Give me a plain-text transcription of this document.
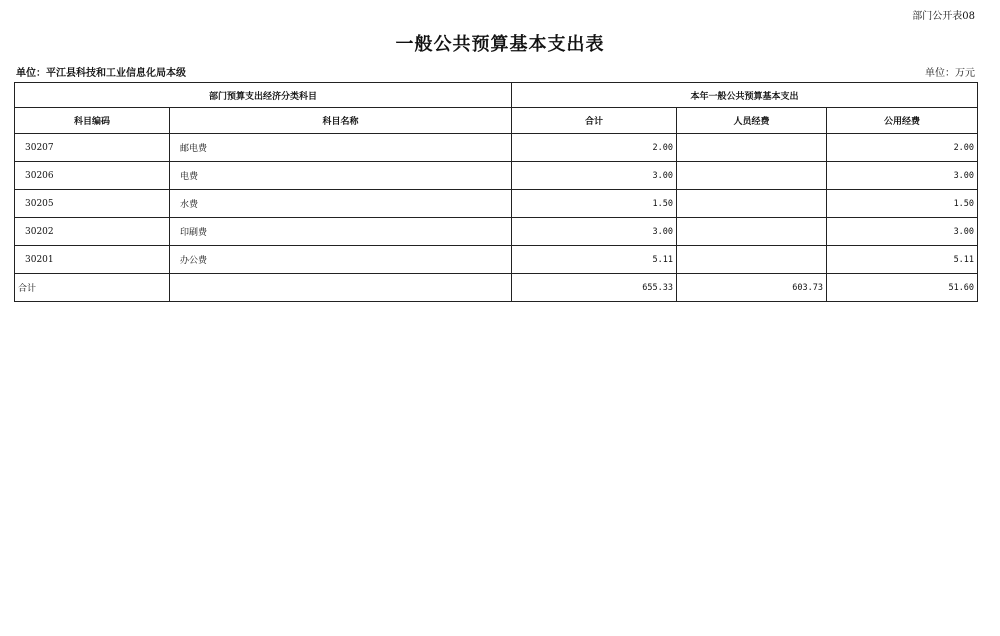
部门公开表08
一般公共预算基本支出表
单位：平江县科技和工业信息化局本级	单位：万元
部门预算支出经济分类科目		本年一般公共预算基本支出		
科目编码	科目名称	合计	人员经费	公用经费
30207	邮电费	2.00		2.00
30206	电费	3.00		3.00
30205	水费	1.50		1.50
30202	印刷费	3.00		3.00
30201	办公费	5.11		5.11
合计		655.33	603.73	51.60
